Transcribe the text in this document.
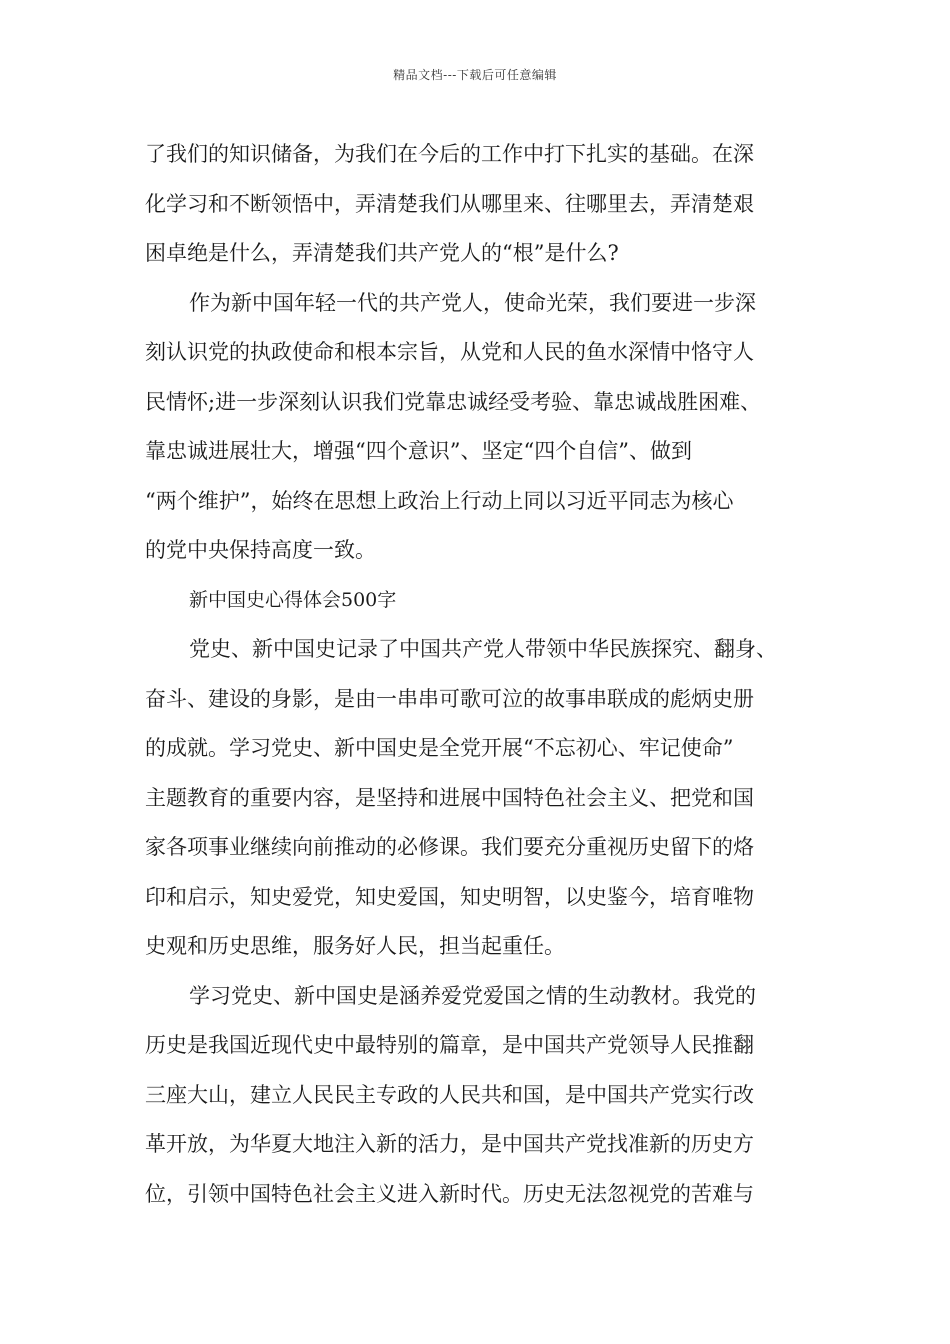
精品文档---下载后可任意编辑
了我们的知识储备，为我们在今后的工作中打下扎实的基础。在深
化学习和不断领悟中，弄清楚我们从哪里来、往哪里去，弄清楚艰
困卓绝是什么，弄清楚我们共产党人的“根”是什么?
作为新中国年轻一代的共产党人，使命光荣，我们要进一步深
刻认识党的执政使命和根本宗旨，从党和人民的鱼水深情中恪守人
民情怀;进一步深刻认识我们党靠忠诚经受考验、靠忠诚战胜困难、
靠忠诚进展壮大，增强“四个意识”、坚定“四个自信”、做到
“两个维护”，始终在思想上政治上行动上同以习近平同志为核心
的党中央保持高度一致。
新中国史心得体会500字
党史、新中国史记录了中国共产党人带领中华民族探究、翻身、
奋斗、建设的身影，是由一串串可歌可泣的故事串联成的彪炳史册
的成就。学习党史、新中国史是全党开展“不忘初心、牢记使命”
主题教育的重要内容，是坚持和进展中国特色社会主义、把党和国
家各项事业继续向前推动的必修课。我们要充分重视历史留下的烙
印和启示，知史爱党，知史爱国，知史明智，以史鉴今，培育唯物
史观和历史思维，服务好人民，担当起重任。
学习党史、新中国史是涵养爱党爱国之情的生动教材。我党的
历史是我国近现代史中最特别的篇章，是中国共产党领导人民推翻
三座大山，建立人民民主专政的人民共和国，是中国共产党实行改
革开放，为华夏大地注入新的活力，是中国共产党找准新的历史方
位，引领中国特色社会主义进入新时代。历史无法忽视党的苦难与
